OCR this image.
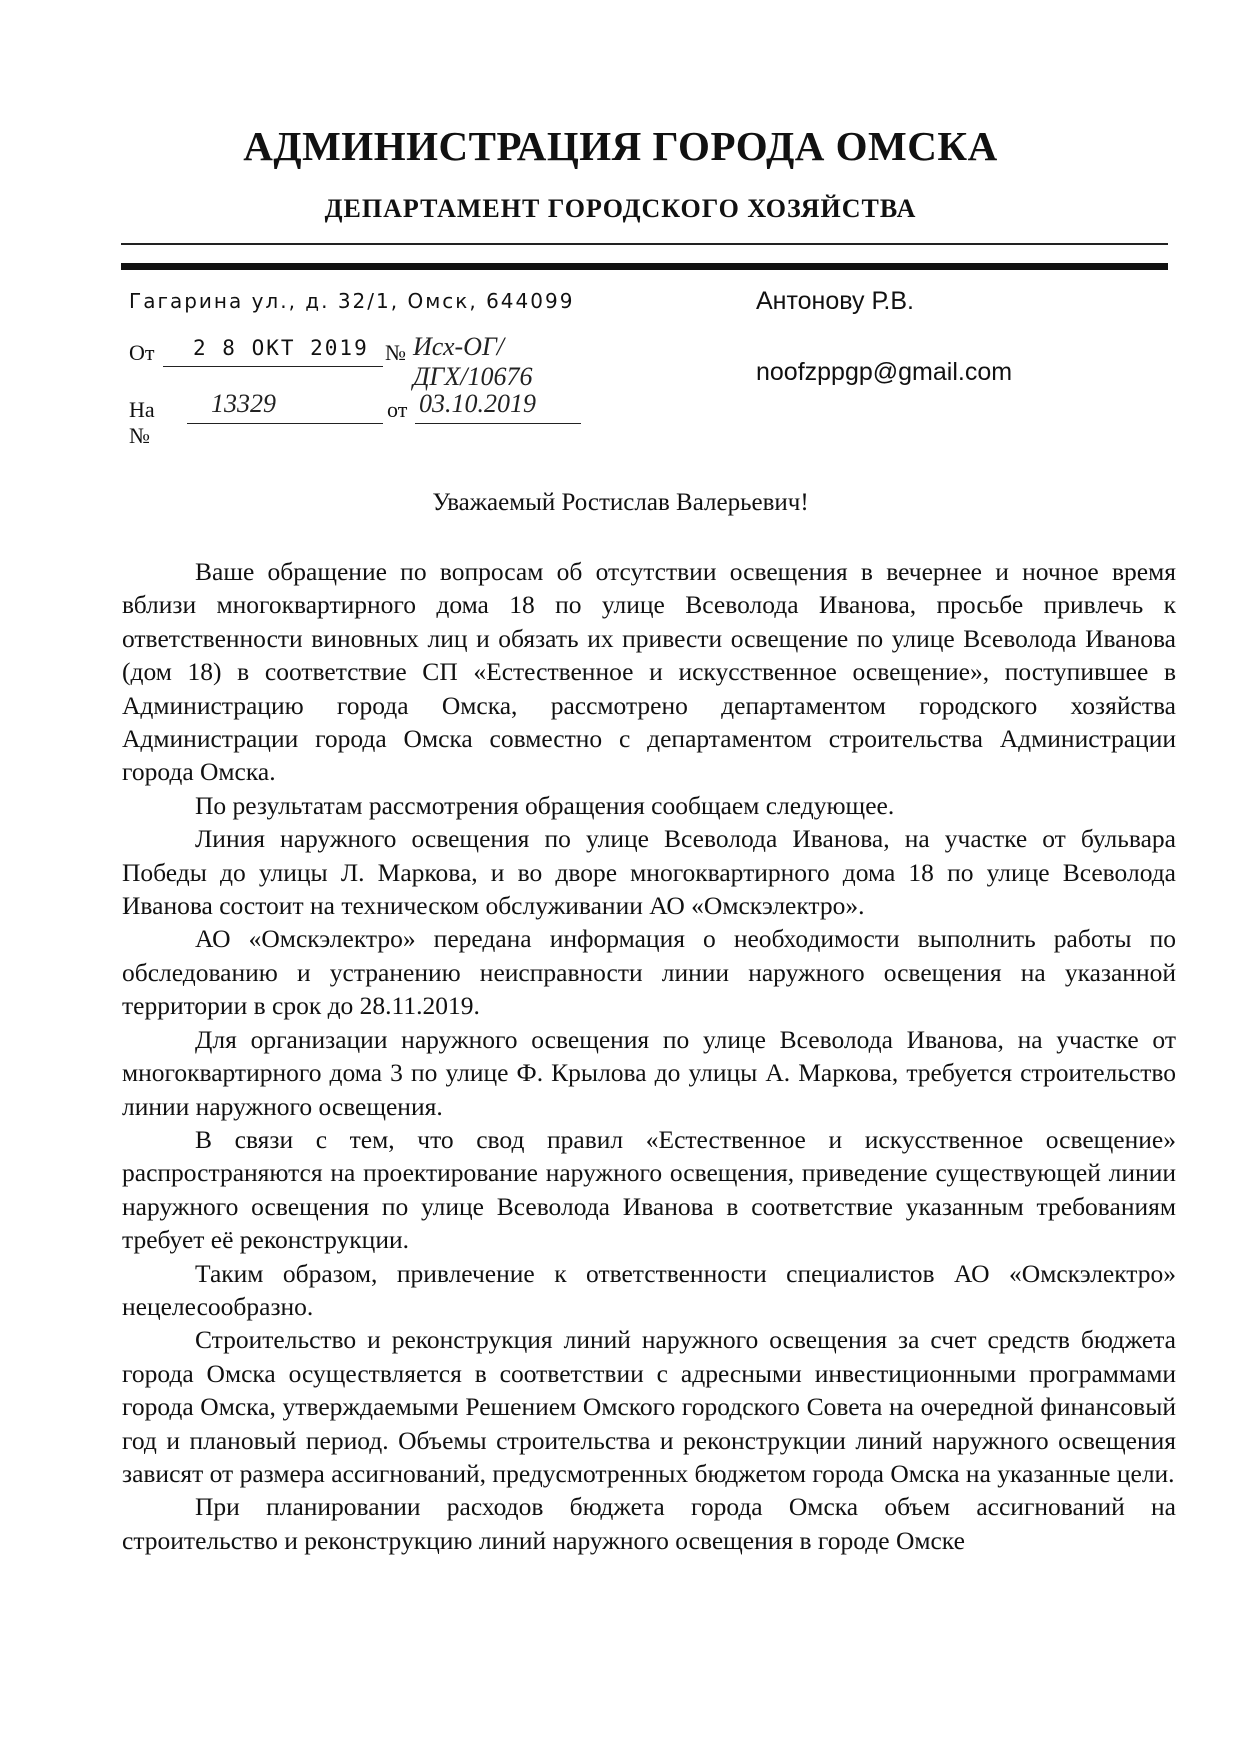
АДМИНИСТРАЦИЯ ГОРОДА ОМСКА
ДЕПАРТАМЕНТ ГОРОДСКОГО ХОЗЯЙСТВА
Гагарина ул., д. 32/1, Омск, 644099
От 2 8 ОКТ 2019 № Исх-ОГ/ДГХ/10676
На №
13329	от 03.10.2019
Антонову Р.В.
noofzppgp@gmail.com
Уважаемый Ростислав Валерьевич!

Ваше обращение по вопросам об отсутствии освещения в вечернее и ночное время вблизи многоквартирного дома 18 по улице Всеволода Иванова, просьбе привлечь к ответственности виновных лиц и обязать их привести освещение по улице Всеволода Иванова (дом 18) в соответствие СП «Естественное и искусственное освещение», поступившее в Администрацию города Омска, рассмотрено департаментом городского хозяйства Администрации города Омска совместно с департаментом строительства Администрации города Омска.

По результатам рассмотрения обращения сообщаем следующее.

Линия наружного освещения по улице Всеволода Иванова, на участке от бульвара Победы до улицы Л. Маркова, и во дворе многоквартирного дома 18 по улице Всеволода Иванова состоит на техническом обслуживании АО «Омскэлектро».

АО «Омскэлектро» передана информация о необходимости выполнить работы по обследованию и устранению неисправности линии наружного освещения на указанной территории в срок до 28.11.2019.

Для организации наружного освещения по улице Всеволода Иванова, на участке от многоквартирного дома 3 по улице Ф. Крылова до улицы А. Маркова, требуется строительство линии наружного освещения.

В связи с тем, что свод правил «Естественное и искусственное освещение» распространяются на проектирование наружного освещения, приведение существующей линии наружного освещения по улице Всеволода Иванова в соответствие указанным требованиям требует её реконструкции.

Таким образом, привлечение к ответственности специалистов АО «Омскэлектро» нецелесообразно.

Строительство и реконструкция линий наружного освещения за счет средств бюджета города Омска осуществляется в соответствии с адресными инвестиционными программами города Омска, утверждаемыми Решением Омского городского Совета на очередной финансовый год и плановый период. Объемы строительства и реконструкции линий наружного освещения зависят от размера ассигнований, предусмотренных бюджетом города Омска на указанные цели.

При планировании расходов бюджета города Омска объем ассигнований на строительство и реконструкцию линий наружного освещения в городе Омске
